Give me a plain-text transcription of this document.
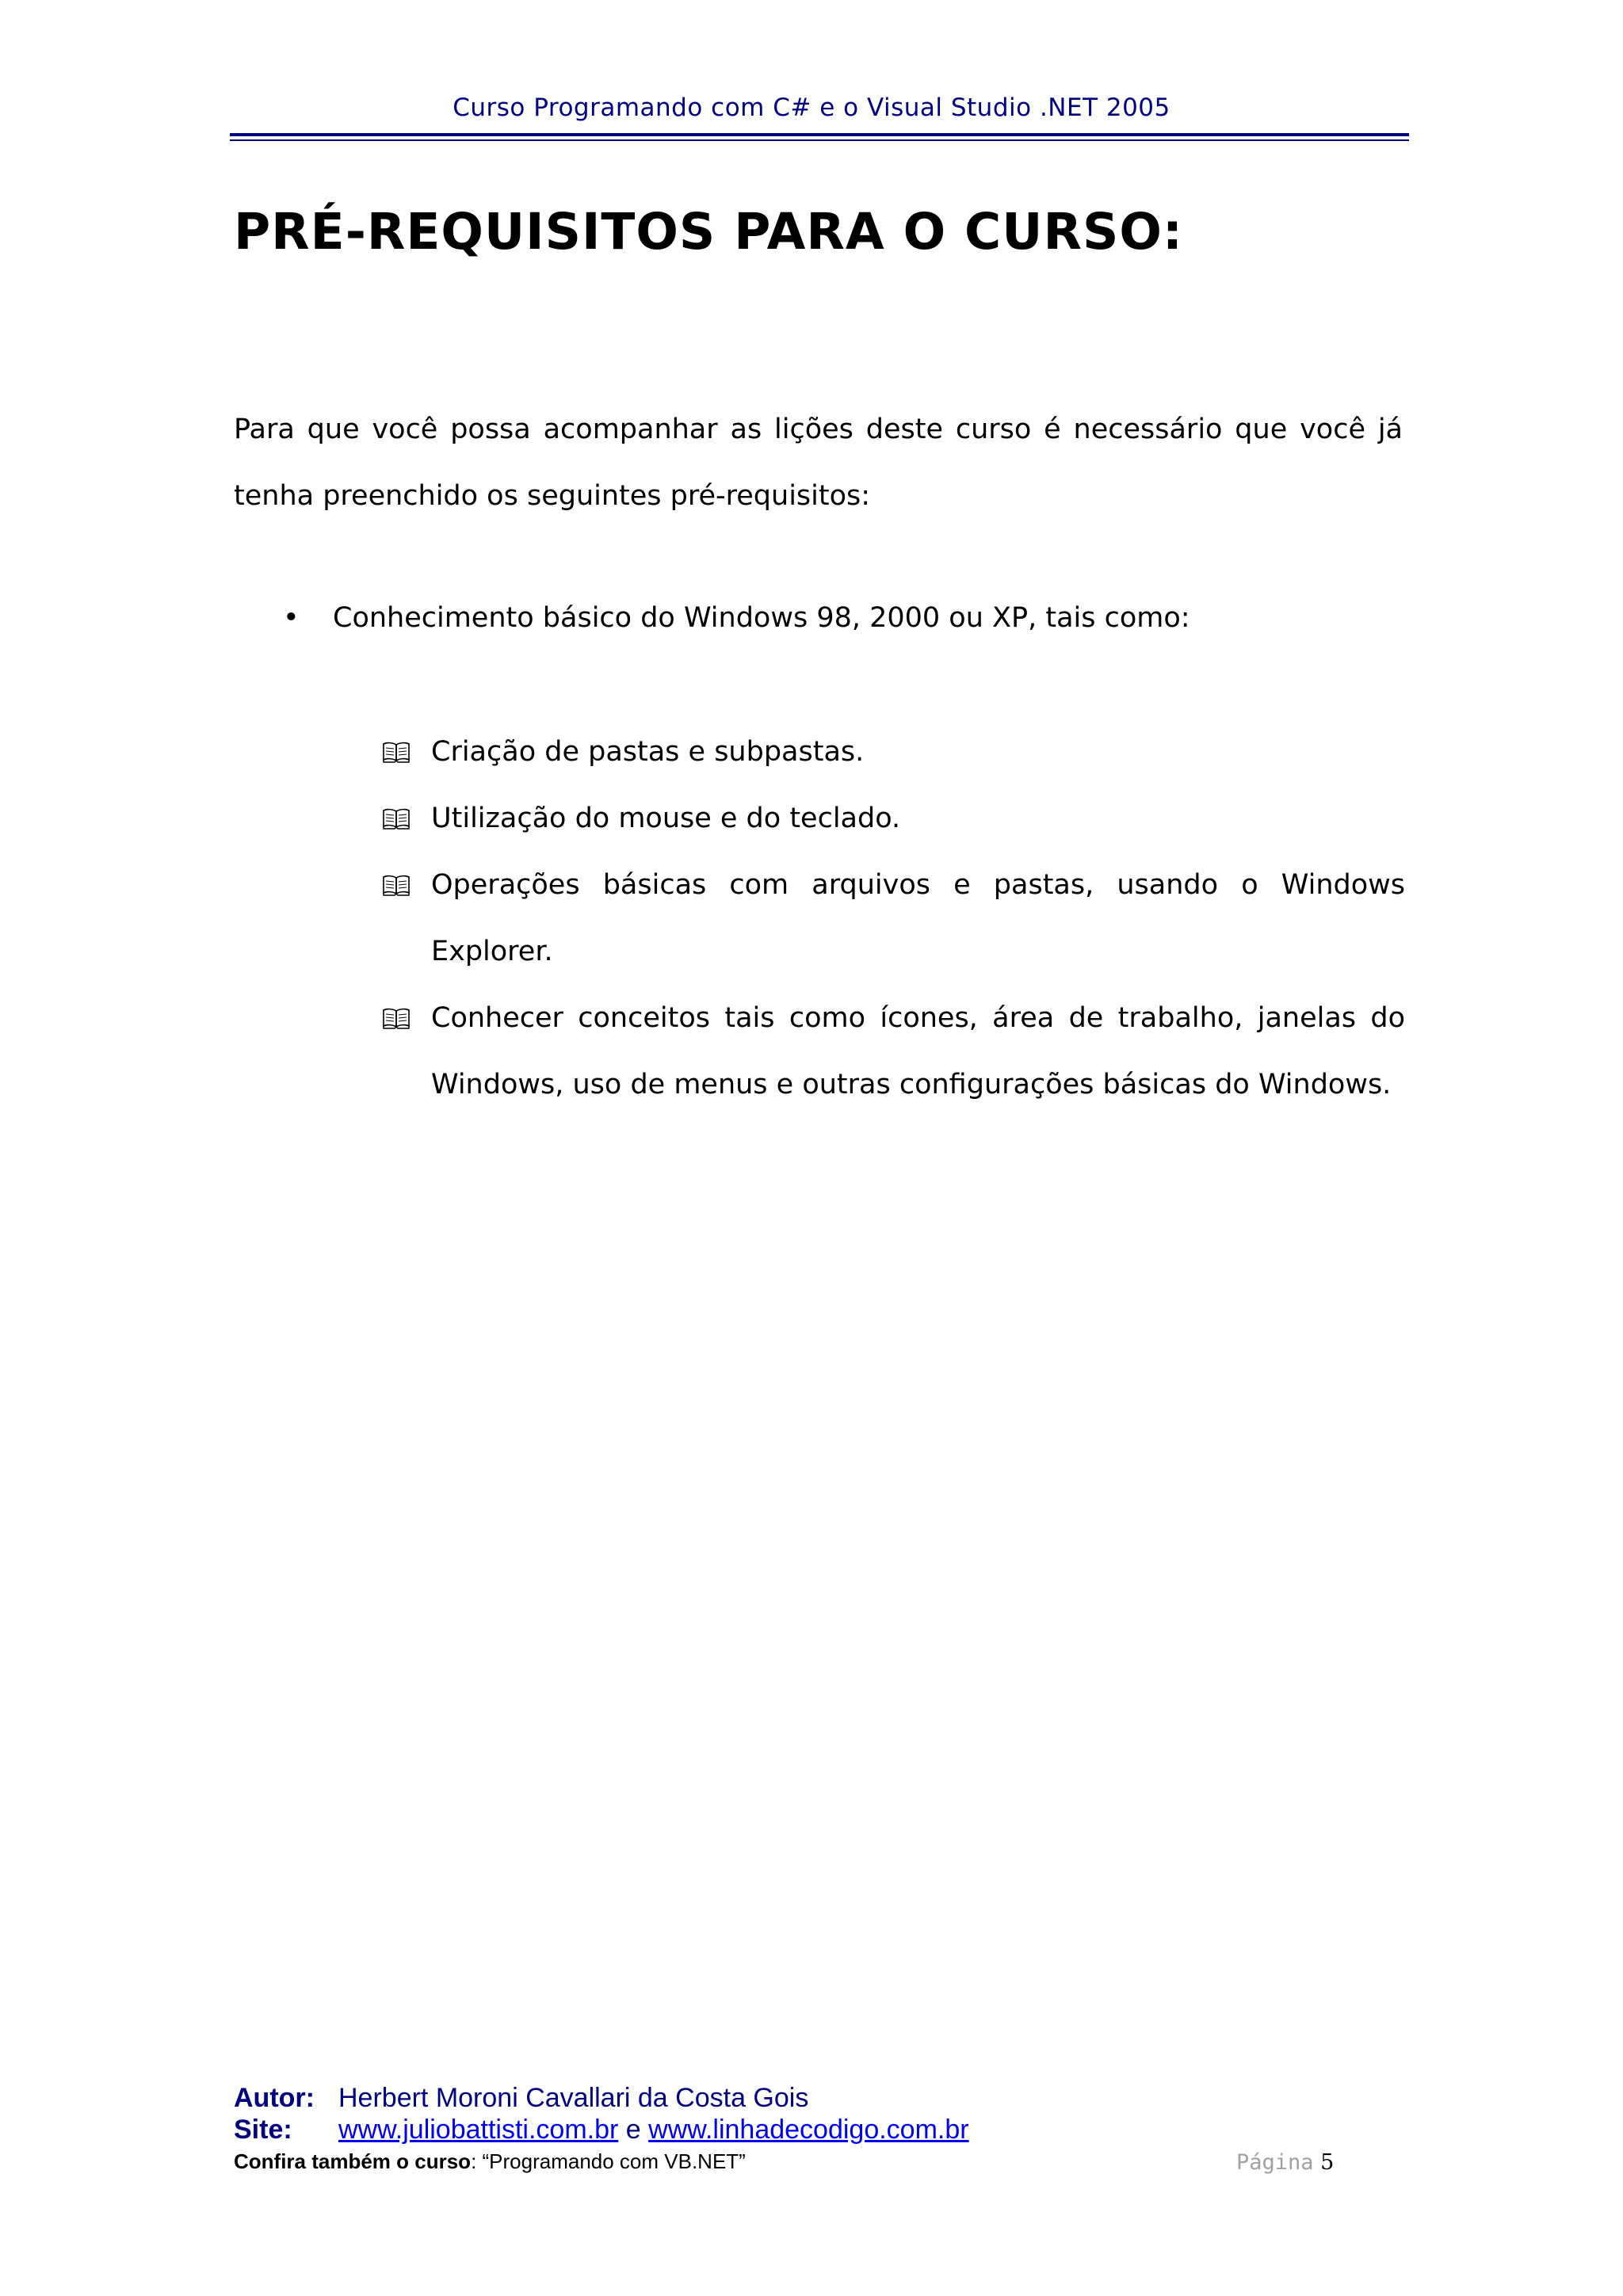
Curso Programando com C# e o Visual Studio .NET 2005
PRÉ-REQUISITOS PARA O CURSO:
Para que você possa acompanhar as lições deste curso é necessário que você já tenha preenchido os seguintes pré-requisitos:
• Conhecimento básico do Windows 98, 2000 ou XP, tais como:
Criação de pastas e subpastas.
Utilização do mouse e do teclado.
Operações básicas com arquivos e pastas, usando o Windows Explorer.
Conhecer conceitos tais como ícones, área de trabalho, janelas do Windows, uso de menus e outras configurações básicas do Windows.
Autor: Herbert Moroni Cavallari da Costa Gois
Site: www.juliobattisti.com.br e www.linhadecodigo.com.br
Confira também o curso: “Programando com VB.NET”	Página 5
